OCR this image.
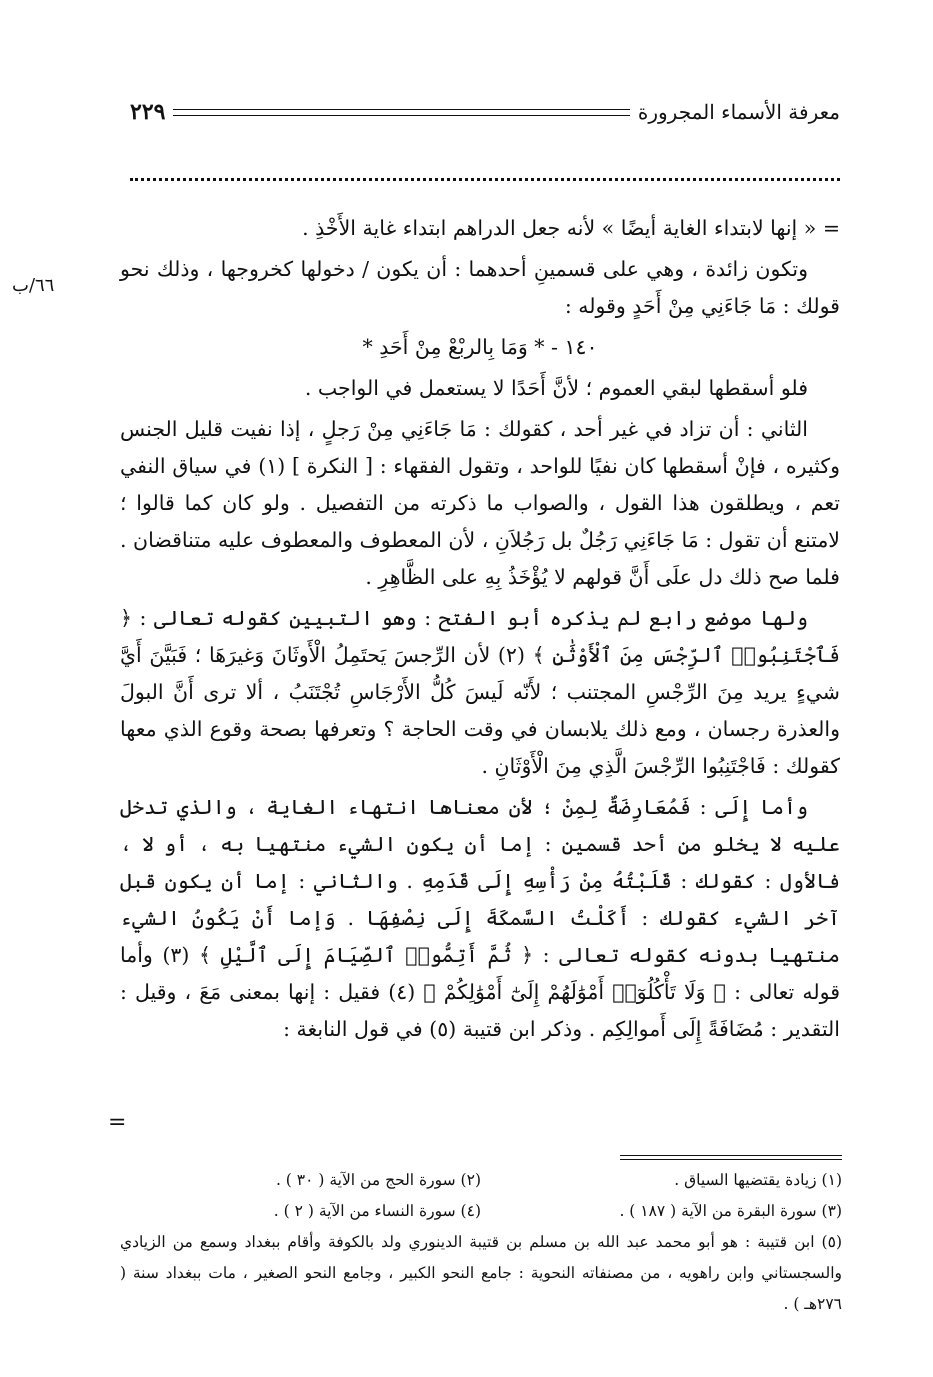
معرفة الأسماء المجرورة
٢٢٩
٦٦/ب

= « إنها لابتداء الغاية أيضًا » لأنه جعل الدراهم ابتداء غاية الأَخْذِ .

وتكون زائدة ، وهي على قسمينِ أحدهما : أن يكون / دخولها كخروجها ، وذلك نحو قولك : مَا جَاءَنِي مِنْ أَحَدٍ وقوله :

١٤٠ - * وَمَا بِالربْعْ مِنْ أَحَدِ *

فلو أسقطها لبقي العموم ؛ لأنَّ أَحَدًا لا يستعمل في الواجب .

الثاني : أن تزاد في غير أحد ، كقولك : مَا جَاءَنِي مِنْ رَجلٍ ، إذا نفيت قليل الجنس وكثيره ، فإنْ أسقطها كان نفيًا للواحد ، وتقول الفقهاء : [ النكرة ] (١) في سياق النفي تعم ، ويطلقون هذا القول ، والصواب ما ذكرته من التفصيل . ولو كان كما قالوا ؛ لامتنع أن تقول : مَا جَاءَنِي رَجُلٌ بل رَجُلاَنِ ، لأن المعطوف والمعطوف عليه متناقضان . فلما صح ذلك دل علَى أَنَّ قولهم لا يُؤْخَذُ بِهِ على الظَّاهِرِ .

ولها موضع رابع لم يذكره أبو الفتح : وهو التبيين كقوله تعالى : ﴿ فَٱجْتَنِبُوا۟ ٱلرِّجْسَ مِنَ ٱلْأَوْثَٰنِ ﴾ (٢) لأن الرِّجسَ يَحتَمِلُ الْأَوثَانَ وَغيرَهَا ؛ فَبَيَّنَ أَيَّ شيءٍ يريد مِنَ الرِّجْسِ المجتنب ؛ لأَنّه لَيسَ كُلُّ الأَرْجَاسِ تُجْتَنَبُ ، ألا ترى أَنَّ البولَ والعذرة رجسان ، ومع ذلك يلابسان في وقت الحاجة ؟ وتعرفها بصحة وقوع الذي معها كقولك : فَاجْتَنِبُوا الرِّجْسَ الَّذِي مِنَ الْأَوْثَانِ .

وأما إِلَى : فَمُعَارِضَةٌ لِمِنْ ؛ لأن معناها انتهاء الغاية ، والذي تدخل عليه لا يخلو من أحد قسمين : إما أن يكون الشيء منتهيا به ، أو لا ، فالأول : كقولك : قَلَبْتُهُ مِنْ رَأْسِهِ إِلَى قَدَمِهِ . والثاني : إما أن يكون قبل آخر الشيء كقولك : أَكَلْتُ السَّمكَةَ إِلَى نِصْفِهَا . وَإما أَنْ يَكُونُ الشيء منتهيا بدونه كقوله تعالى : ﴿ ثُمَّ أَتِمُّوا۟ ٱلصِّيَامَ إِلَى ٱلَّيْلِ ﴾ (٣) وأما قوله تعالى : ﴿ وَلَا تَأْكُلُوٓا۟ أَمْوَٰلَهُمْ إِلَىٰٓ أَمْوَٰلِكُمْ ﴾ (٤) فقيل : إنها بمعنى مَعَ ، وقيل : التقدير : مُضَافَةً إِلَى أَموالِكِم . وذكر ابن قتيبة (٥) في قول النابغة :

=
(١) زيادة يقتضيها السياق .
(٢) سورة الحج من الآية ( ٣٠ ) .
(٣) سورة البقرة من الآية ( ١٨٧ ) .
(٤) سورة النساء من الآية ( ٢ ) .
(٥) ابن قتيبة : هو أبو محمد عبد الله بن مسلم بن قتيبة الدينوري ولد بالكوفة وأقام ببغداد وسمع من الزيادي والسجستاني وابن راهويه ، من مصنفاته النحوية : جامع النحو الكبير ، وجامع النحو الصغير ، مات ببغداد سنة ( ٢٧٦هـ ) .
